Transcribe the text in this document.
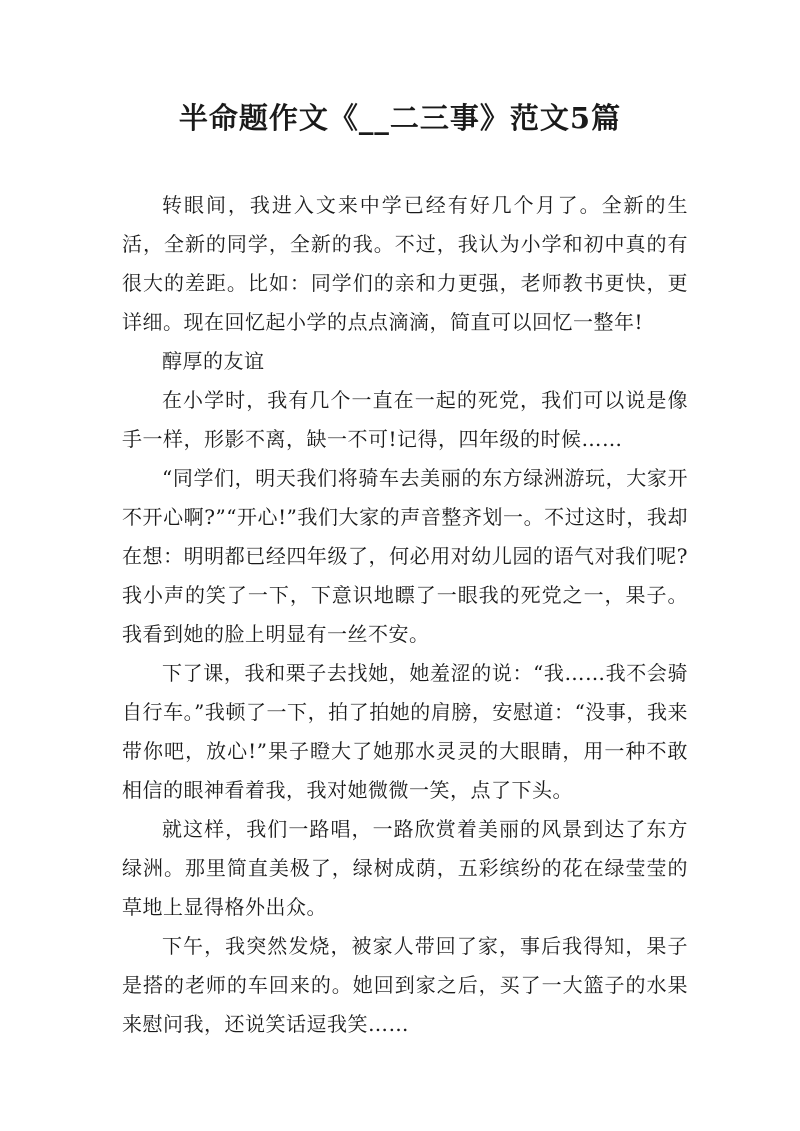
半命题作文《__二三事》范文5篇

转眼间，我进入文来中学已经有好几个月了。全新的生活，全新的同学，全新的我。不过，我认为小学和初中真的有很大的差距。比如：同学们的亲和力更强，老师教书更快，更详细。现在回忆起小学的点点滴滴，简直可以回忆一整年!

醇厚的友谊

在小学时，我有几个一直在一起的死党，我们可以说是像手一样，形影不离，缺一不可!记得，四年级的时候……

“同学们，明天我们将骑车去美丽的东方绿洲游玩，大家开不开心啊?”“开心!”我们大家的声音整齐划一。不过这时，我却在想：明明都已经四年级了，何必用对幼儿园的语气对我们呢?我小声的笑了一下，下意识地瞟了一眼我的死党之一，果子。我看到她的脸上明显有一丝不安。

下了课，我和栗子去找她，她羞涩的说：“我……我不会骑自行车。”我顿了一下，拍了拍她的肩膀，安慰道：“没事，我来带你吧，放心!”果子瞪大了她那水灵灵的大眼睛，用一种不敢相信的眼神看着我，我对她微微一笑，点了下头。

就这样，我们一路唱，一路欣赏着美丽的风景到达了东方绿洲。那里简直美极了，绿树成荫，五彩缤纷的花在绿莹莹的草地上显得格外出众。

下午，我突然发烧，被家人带回了家，事后我得知，果子是搭的老师的车回来的。她回到家之后，买了一大篮子的水果来慰问我，还说笑话逗我笑……
